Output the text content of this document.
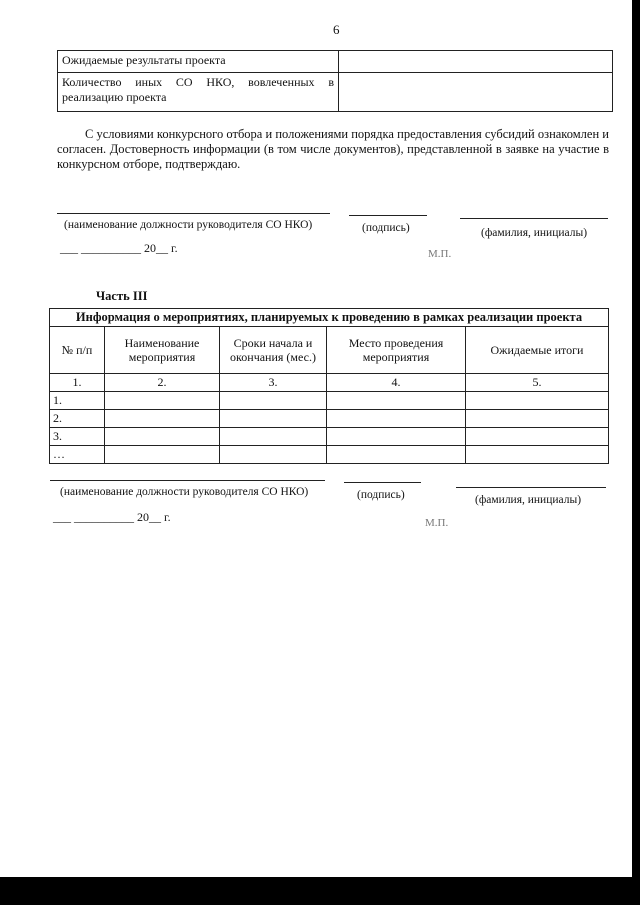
6
Ожидаемые результаты проекта	

Количество иных СО НКО, вовлеченных в реализацию проекта	

С условиями конкурсного отбора и положениями порядка предоставления субсидий ознакомлен и согласен. Достоверность информации (в том числе документов), представленной в заявке на участие в конкурсном отборе, подтверждаю.
(наименование должности руководителя СО НКО)	(подпись)	(фамилия, инициалы)
___ __________ 20__ г.	М.П.
Часть III
Информация о мероприятиях, планируемых к проведению в рамках реализации проекта				
№ п/п	Наименование мероприятия	Сроки начала и окончания (мес.)	Место проведения мероприятия	Ожидаемые итоги
1.	2.	3.	4.	5.
1.				
2.				
3.				
…				
(наименование должности руководителя СО НКО)	(подпись)	(фамилия, инициалы)
___ __________ 20__ г.	М.П.
